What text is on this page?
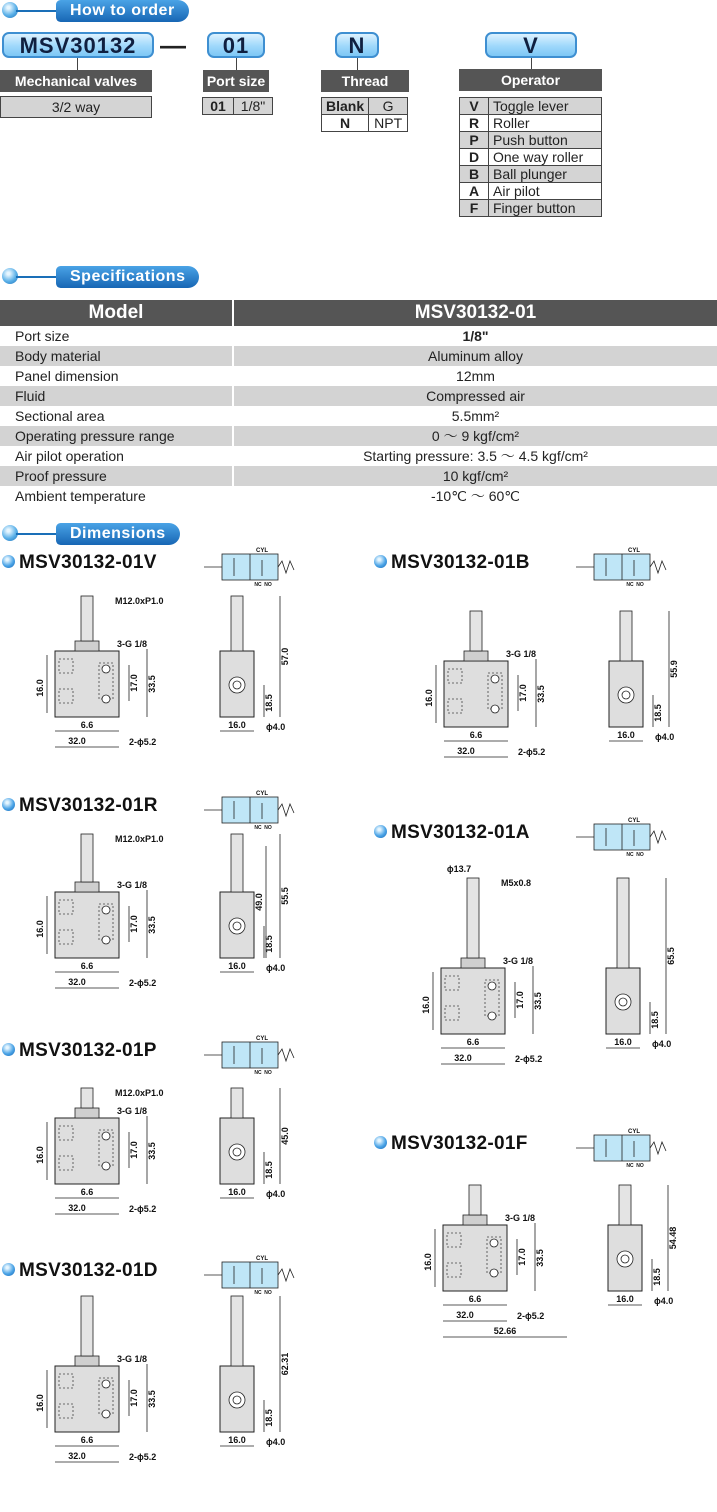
How to order
MSV30132 —	01	N	V
Mechanical valves
3/2 way
Port size
01	1/8"
Thread
Blank	G
N	NPT
Operator
V	Toggle lever
R	Roller
P	Push button
D	One way roller
B	Ball plunger
A	Air pilot
F	Finger button
Specifications
Model	MSV30132-01
Port size	1/8"
Body material	Aluminum alloy
Panel dimension	12mm
Fluid	Compressed air
Sectional area	5.5mm²
Operating pressure range	0 ～ 9 kgf/cm²
Air pilot operation	Starting pressure: 3.5 ～ 4.5 kgf/cm²
Proof pressure	10 kgf/cm²
Ambient temperature	-10℃ ～ 60℃
Dimensions
MSV30132-01V
CYL
NC NO
16.0	17.0 33.5
6.6
32.0	2-ϕ5.2
3-G 1/8
M12.0xP1.0
18.5
57.0
16.0 ϕ4.0
MSV30132-01R
CYL
NC NO
16.0	17.0 33.5
6.6
32.0	2-ϕ5.2
3-G 1/8
M12.0xP1.0
18.5
55.5
49.0
16.0 ϕ4.0
MSV30132-01P
CYL
NC NO
16.0	17.0 33.5
6.6
32.0	2-ϕ5.2
3-G 1/8
M12.0xP1.0
18.5
45.0
16.0 ϕ4.0
MSV30132-01D
CYL
NC NO
16.0	17.0 33.5
6.6
32.0	2-ϕ5.2
3-G 1/8
18.5
62.31
16.0 ϕ4.0
MSV30132-01B
CYL
NC NO
16.0	17.0 33.5
6.6
32.0	2-ϕ5.2
3-G 1/8
18.5
55.9
16.0 ϕ4.0
MSV30132-01A
CYL
NC NO
16.0	17.0 33.5
6.6
32.0	2-ϕ5.2
3-G 1/8
M5x0.8
ϕ13.7
18.5
65.5
16.0 ϕ4.0
MSV30132-01F
CYL
NC NO
16.0	17.0 33.5
6.6
32.0	2-ϕ5.2
3-G 1/8
52.66
18.5
54.48
16.0 ϕ4.0
